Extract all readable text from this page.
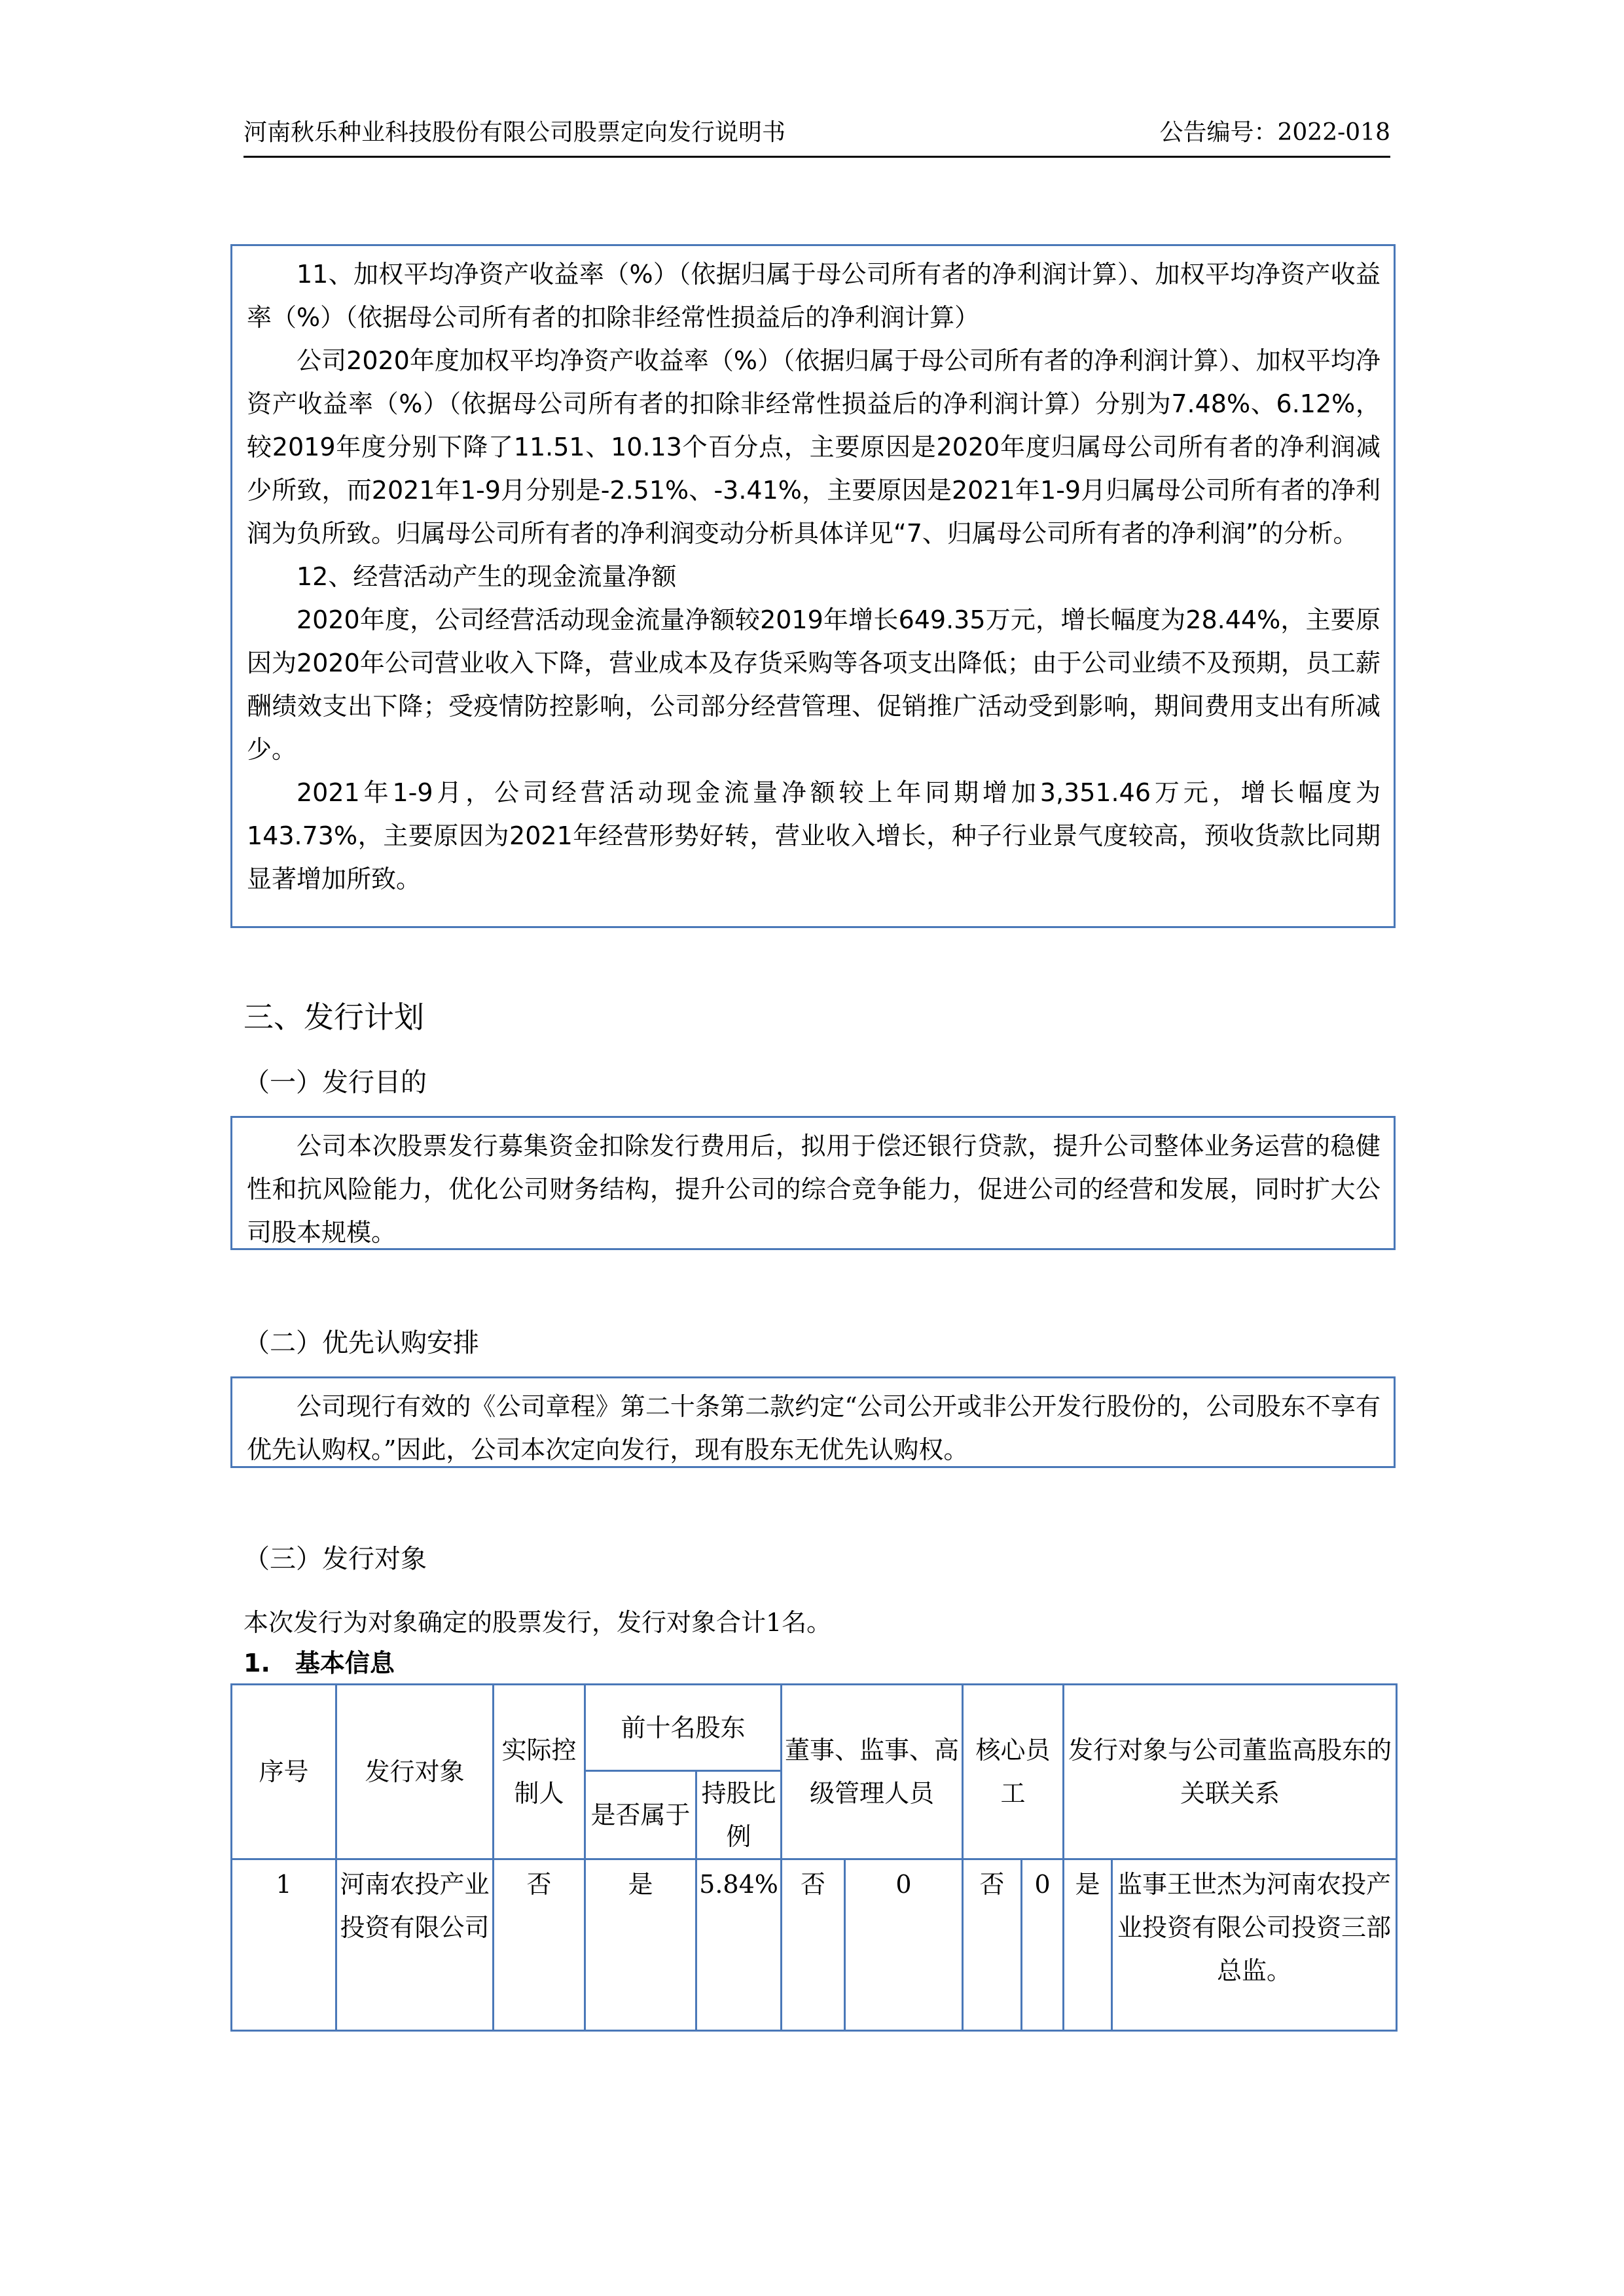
河南秋乐种业科技股份有限公司股票定向发行说明书	公告编号：2022-018

11、加权平均净资产收益率（%）（依据归属于母公司所有者的净利润计算）、加权平均净资产收益率（%）（依据母公司所有者的扣除非经常性损益后的净利润计算）

公司2020年度加权平均净资产收益率（%）（依据归属于母公司所有者的净利润计算）、加权平均净资产收益率（%）（依据母公司所有者的扣除非经常性损益后的净利润计算）分别为7.48%、6.12%，较2019年度分别下降了11.51、10.13个百分点，主要原因是2020年度归属母公司所有者的净利润减少所致，而2021年1-9月分别是-2.51%、-3.41%，主要原因是2021年1-9月归属母公司所有者的净利润为负所致。归属母公司所有者的净利润变动分析具体详见“7、归属母公司所有者的净利润”的分析。

12、经营活动产生的现金流量净额

2020年度，公司经营活动现金流量净额较2019年增长649.35万元，增长幅度为28.44%，主要原因为2020年公司营业收入下降，营业成本及存货采购等各项支出降低；由于公司业绩不及预期，员工薪酬绩效支出下降；受疫情防控影响，公司部分经营管理、促销推广活动受到影响，期间费用支出有所减少。

2021年1-9月，公司经营活动现金流量净额较上年同期增加3,351.46万元，增长幅度为143.73%，主要原因为2021年经营形势好转，营业收入增长，种子行业景气度较高，预收货款比同期显著增加所致。

三、发行计划
（一）发行目的

公司本次股票发行募集资金扣除发行费用后，拟用于偿还银行贷款，提升公司整体业务运营的稳健性和抗风险能力，优化公司财务结构，提升公司的综合竞争能力，促进公司的经营和发展，同时扩大公司股本规模。

（二）优先认购安排

公司现行有效的《公司章程》第二十条第二款约定“公司公开或非公开发行股份的，公司股东不享有优先认购权。”因此，公司本次定向发行，现有股东无优先认购权。

（三）发行对象
本次发行为对象确定的股票发行，发行对象合计1名。
1.　基本信息
序号	发行对象	实际控制人	前十名股东		董事、监事、高级管理人员		核心员工		发行对象与公司董监高股东的关联关系	
			是否属于	持股比例						
1	河南农投产业投资有限公司	否	是	5.84%	否	0	否	0	是	监事王世杰为河南农投产业投资有限公司投资三部总监。
